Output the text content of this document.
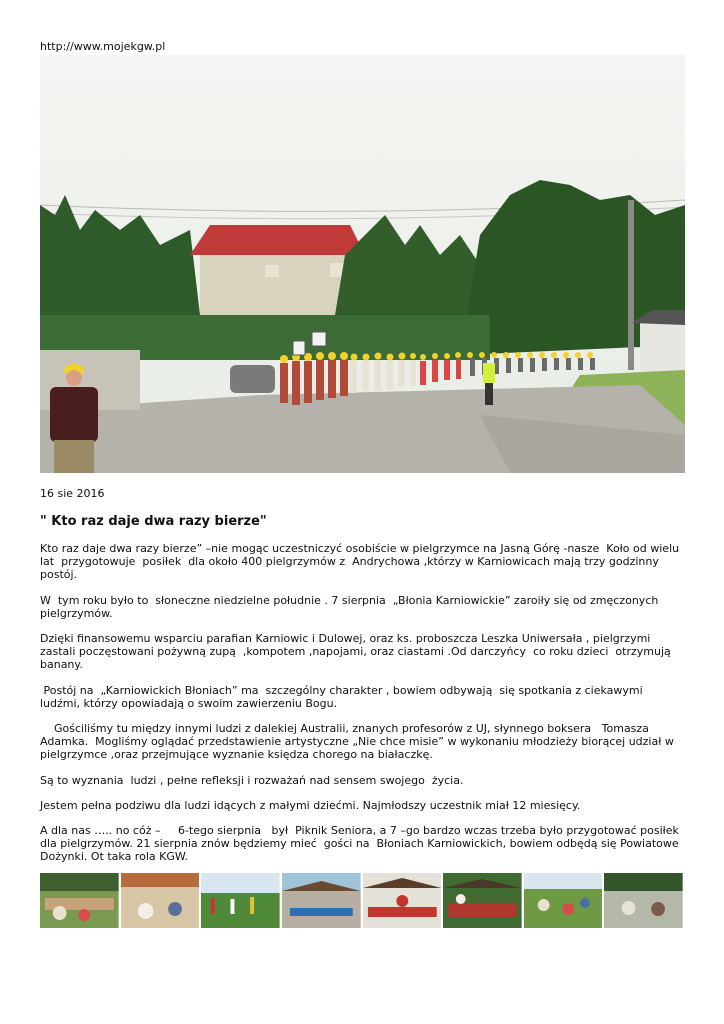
http://www.mojekgw.pl
16 sie 2016
" Kto raz daje dwa razy bierze"

Kto raz daje dwa razy bierze” –nie mogąc uczestniczyć osobiście w pielgrzymce na Jasną Górę -nasze  Koło od wielu lat  przygotowuje  posiłek  dla około 400 pielgrzymów z  Andrychowa ,którzy w Karniowicach mają trzy godzinny postój.

W  tym roku było to  słoneczne niedzielne południe . 7 sierpnia  „Błonia Karniowickie” zaroiły się od zmęczonych pielgrzymów.

Dzięki finansowemu wsparciu parafian Karniowic i Dulowej, oraz ks. proboszcza Leszka Uniwersała , pielgrzymi zastali poczęstowani pożywną zupą  ,kompotem ,napojami, oraz ciastami .Od darczyńcy  co roku dzieci  otrzymują  banany.

Postój na  „Karniowickich Błoniach” ma  szczególny charakter , bowiem odbywają  się spotkania z ciekawymi ludźmi, którzy opowiadają o swoim zawierzeniu Bogu.

Gościliśmy tu między innymi ludzi z dalekiej Australii, znanych profesorów z UJ, słynnego boksera   Tomasza Adamka.  Mogliśmy oglądać przedstawienie artystyczne „Nie chce misie” w wykonaniu młodzieży biorącej udział w  pielgrzymce ,oraz przejmujące wyznanie księdza chorego na białaczkę.

Są to wyznania  ludzi , pełne refleksji i rozważań nad sensem swojego  życia.

Jestem pełna podziwu dla ludzi idących z małymi dziećmi. Najmłodszy uczestnik miał 12 miesięcy.

A dla nas ….. no cóż –     6-tego sierpnia   był  Piknik Seniora, a 7 –go bardzo wczas trzeba było przygotować posiłek dla pielgrzymów. 21 sierpnia znów będziemy mieć  gości na  Błoniach Karniowickich, bowiem odbędą się Powiatowe Dożynki. Ot taka rola KGW.
